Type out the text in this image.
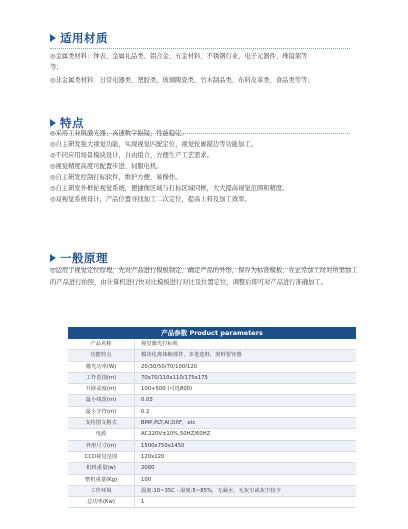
适用材质
◎金属类材料：钟表、金属礼品类、铝合金、五金材料、不锈钢行业、电子元器件、珠镜架等
等；
◎非金属类材料：日常电器类、塑胶类、玻璃陶瓷类、竹木制品类、布料皮革类、食品类等等；
特点
◎采用工业级激光器、高速数字振镜，性能稳定。
◎自主研发强大视觉功能，实现视觉匹配定位，视觉轮廓描边等功能加工。
◎不同应用场景模块设计，自由组合，方便生产工艺需求。
◎视觉精度高度可配置步进、伺服电机。
◎自主研发控制打标软件，维护方便，易操作。
◎自主研发外框轮视觉系统，便捷像区域与打标区域同框，大大提高视觉范围和精度。
◎双视觉系统设计，产品位置寻找加工二次定位，提高上料及加工效率。
一般原理
◎运用了视觉定位原理，先对产品进行模板制定，确定产品的外形，保存为标准模板，在正常加工时对所需加工的产品进行拍照，由计算机进行快对比模板进行对比及位置定位，调整后即可对产品进行准确加工。
产品参数 Product parameters
产品名称	视觉激光打标机
功能特点	模块化离体缩部件，步进选料，放料要容器
激光功率(W)	20/30/50/70/100/120
工作范围(m)	70x70/110x110/175x175
升降高度(m)	100+500 (可选800)
最小线宽(m)	0.03
最小字符(m)	0.2
支持图文格式	BMP,PLT,AI,DXF，etc
电源	AC220V±10%,50HZ/60HZ
外形尺寸(m)	1500x750x1450
CCD视觉范围	120x120
机机重量(w)	2000
整机重量(Kg)	100
工作环境	温度:10~35C · 湿度:5~85%，无凝水，无灰尘或灰尘较少
总功率(Kw)	1
